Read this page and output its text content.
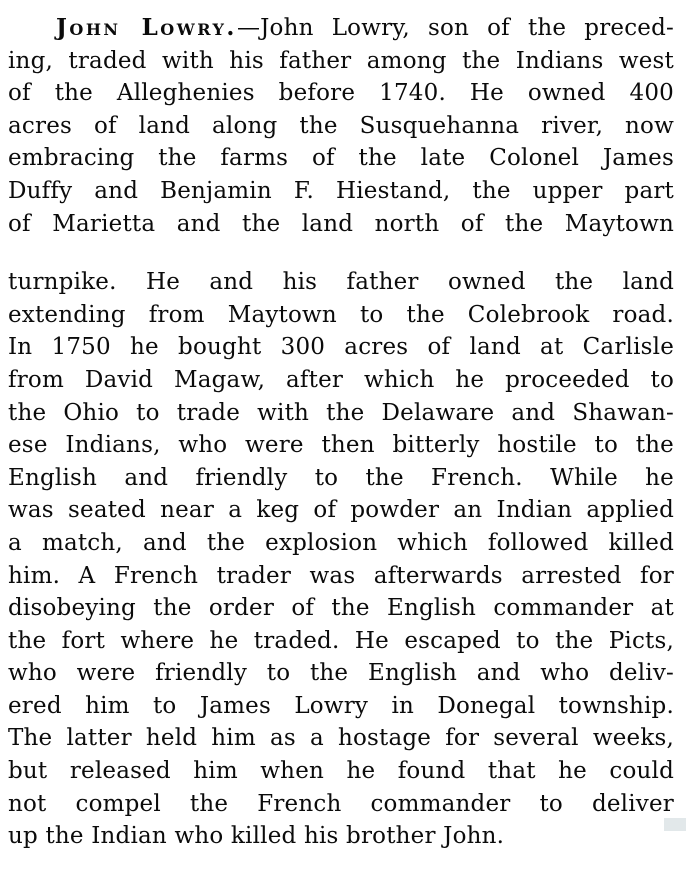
John Lowry.—John Lowry, son of the preced-
ing, traded with his father among the Indians west
of the Alleghenies before 1740. He owned 400
acres of land along the Susquehanna river, now
embracing the farms of the late Colonel James
Duffy and Benjamin F. Hiestand, the upper part
of Marietta and the land north of the Maytown
turnpike. He and his father owned the land
extending from Maytown to the Colebrook road.
In 1750 he bought 300 acres of land at Carlisle
from David Magaw, after which he proceeded to
the Ohio to trade with the Delaware and Shawan-
ese Indians, who were then bitterly hostile to the
English and friendly to the French. While he
was seated near a keg of powder an Indian applied
a match, and the explosion which followed killed
him. A French trader was afterwards arrested for
disobeying the order of the English commander at
the fort where he traded. He escaped to the Picts,
who were friendly to the English and who deliv-
ered him to James Lowry in Donegal township.
The latter held him as a hostage for several weeks,
but released him when he found that he could
not compel the French commander to deliver
up the Indian who killed his brother John.
